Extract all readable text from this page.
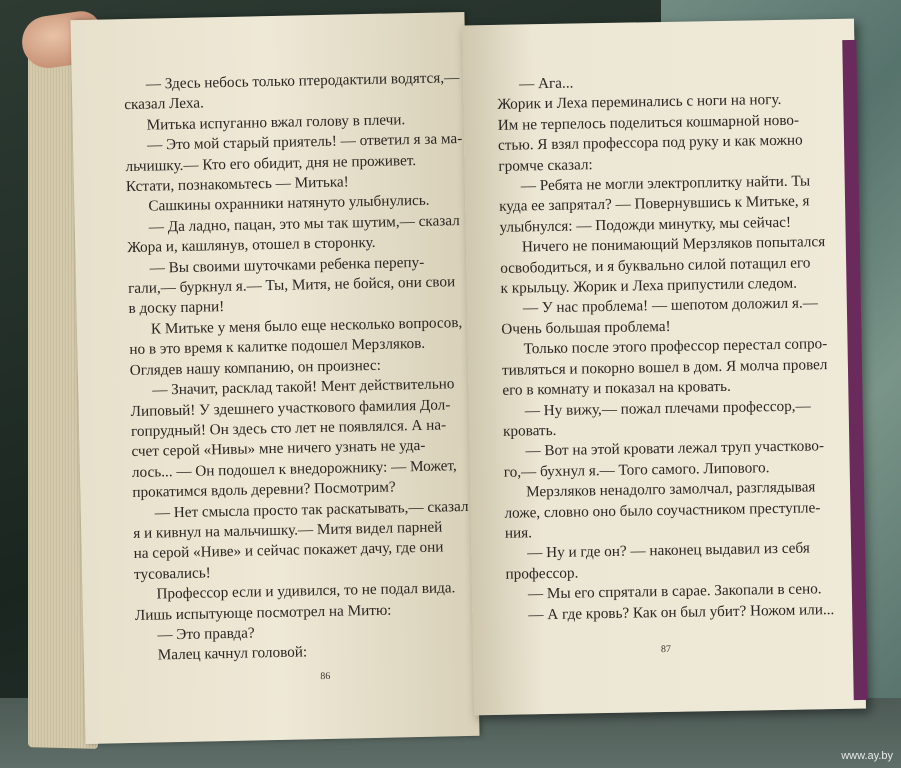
— Здесь небось только птеродактили водятся,—
сказал Леха.
Митька испуганно вжал голову в плечи.
— Это мой старый приятель! — ответил я за ма-
льчишку.— Кто его обидит, дня не проживет.
Кстати, познакомьтесь — Митька!
Сашкины охранники натянуто улыбнулись.
— Да ладно, пацан, это мы так шутим,— сказал
Жора и, кашлянув, отошел в сторонку.
— Вы своими шуточками ребенка перепу-
гали,— буркнул я.— Ты, Митя, не бойся, они свои
в доску парни!
К Митьке у меня было еще несколько вопросов,
но в это время к калитке подошел Мерзляков.
Оглядев нашу компанию, он произнес:
— Значит, расклад такой! Мент действительно
Липовый! У здешнего участкового фамилия Дол-
гопрудный! Он здесь сто лет не появлялся. А на-
счет серой «Нивы» мне ничего узнать не уда-
лось... — Он подошел к внедорожнику: — Может,
прокатимся вдоль деревни? Посмотрим?
— Нет смысла просто так раскатывать,— сказал
я и кивнул на мальчишку.— Митя видел парней
на серой «Ниве» и сейчас покажет дачу, где они
тусовались!
Профессор если и удивился, то не подал вида.
Лишь испытующе посмотрел на Митю:
— Это правда?
Малец качнул головой:
86
— Ага...
Жорик и Леха переминались с ноги на ногу.
Им не терпелось поделиться кошмарной ново-
стью. Я взял профессора под руку и как можно
громче сказал:
— Ребята не могли электроплитку найти. Ты
куда ее запрятал? — Повернувшись к Митьке, я
улыбнулся: — Подожди минутку, мы сейчас!
Ничего не понимающий Мерзляков попытался
освободиться, и я буквально силой потащил его
к крыльцу. Жорик и Леха припустили следом.
— У нас проблема! — шепотом доложил я.—
Очень большая проблема!
Только после этого профессор перестал сопро-
тивляться и покорно вошел в дом. Я молча провел
его в комнату и показал на кровать.
— Ну вижу,— пожал плечами профессор,—
кровать.
— Вот на этой кровати лежал труп участково-
го,— бухнул я.— Того самого. Липового.
Мерзляков ненадолго замолчал, разглядывая
ложе, словно оно было соучастником преступле-
ния.
— Ну и где он? — наконец выдавил из себя
профессор.
— Мы его спрятали в сарае. Закопали в сено.
— А где кровь? Как он был убит? Ножом или...
87
www.ay.by
